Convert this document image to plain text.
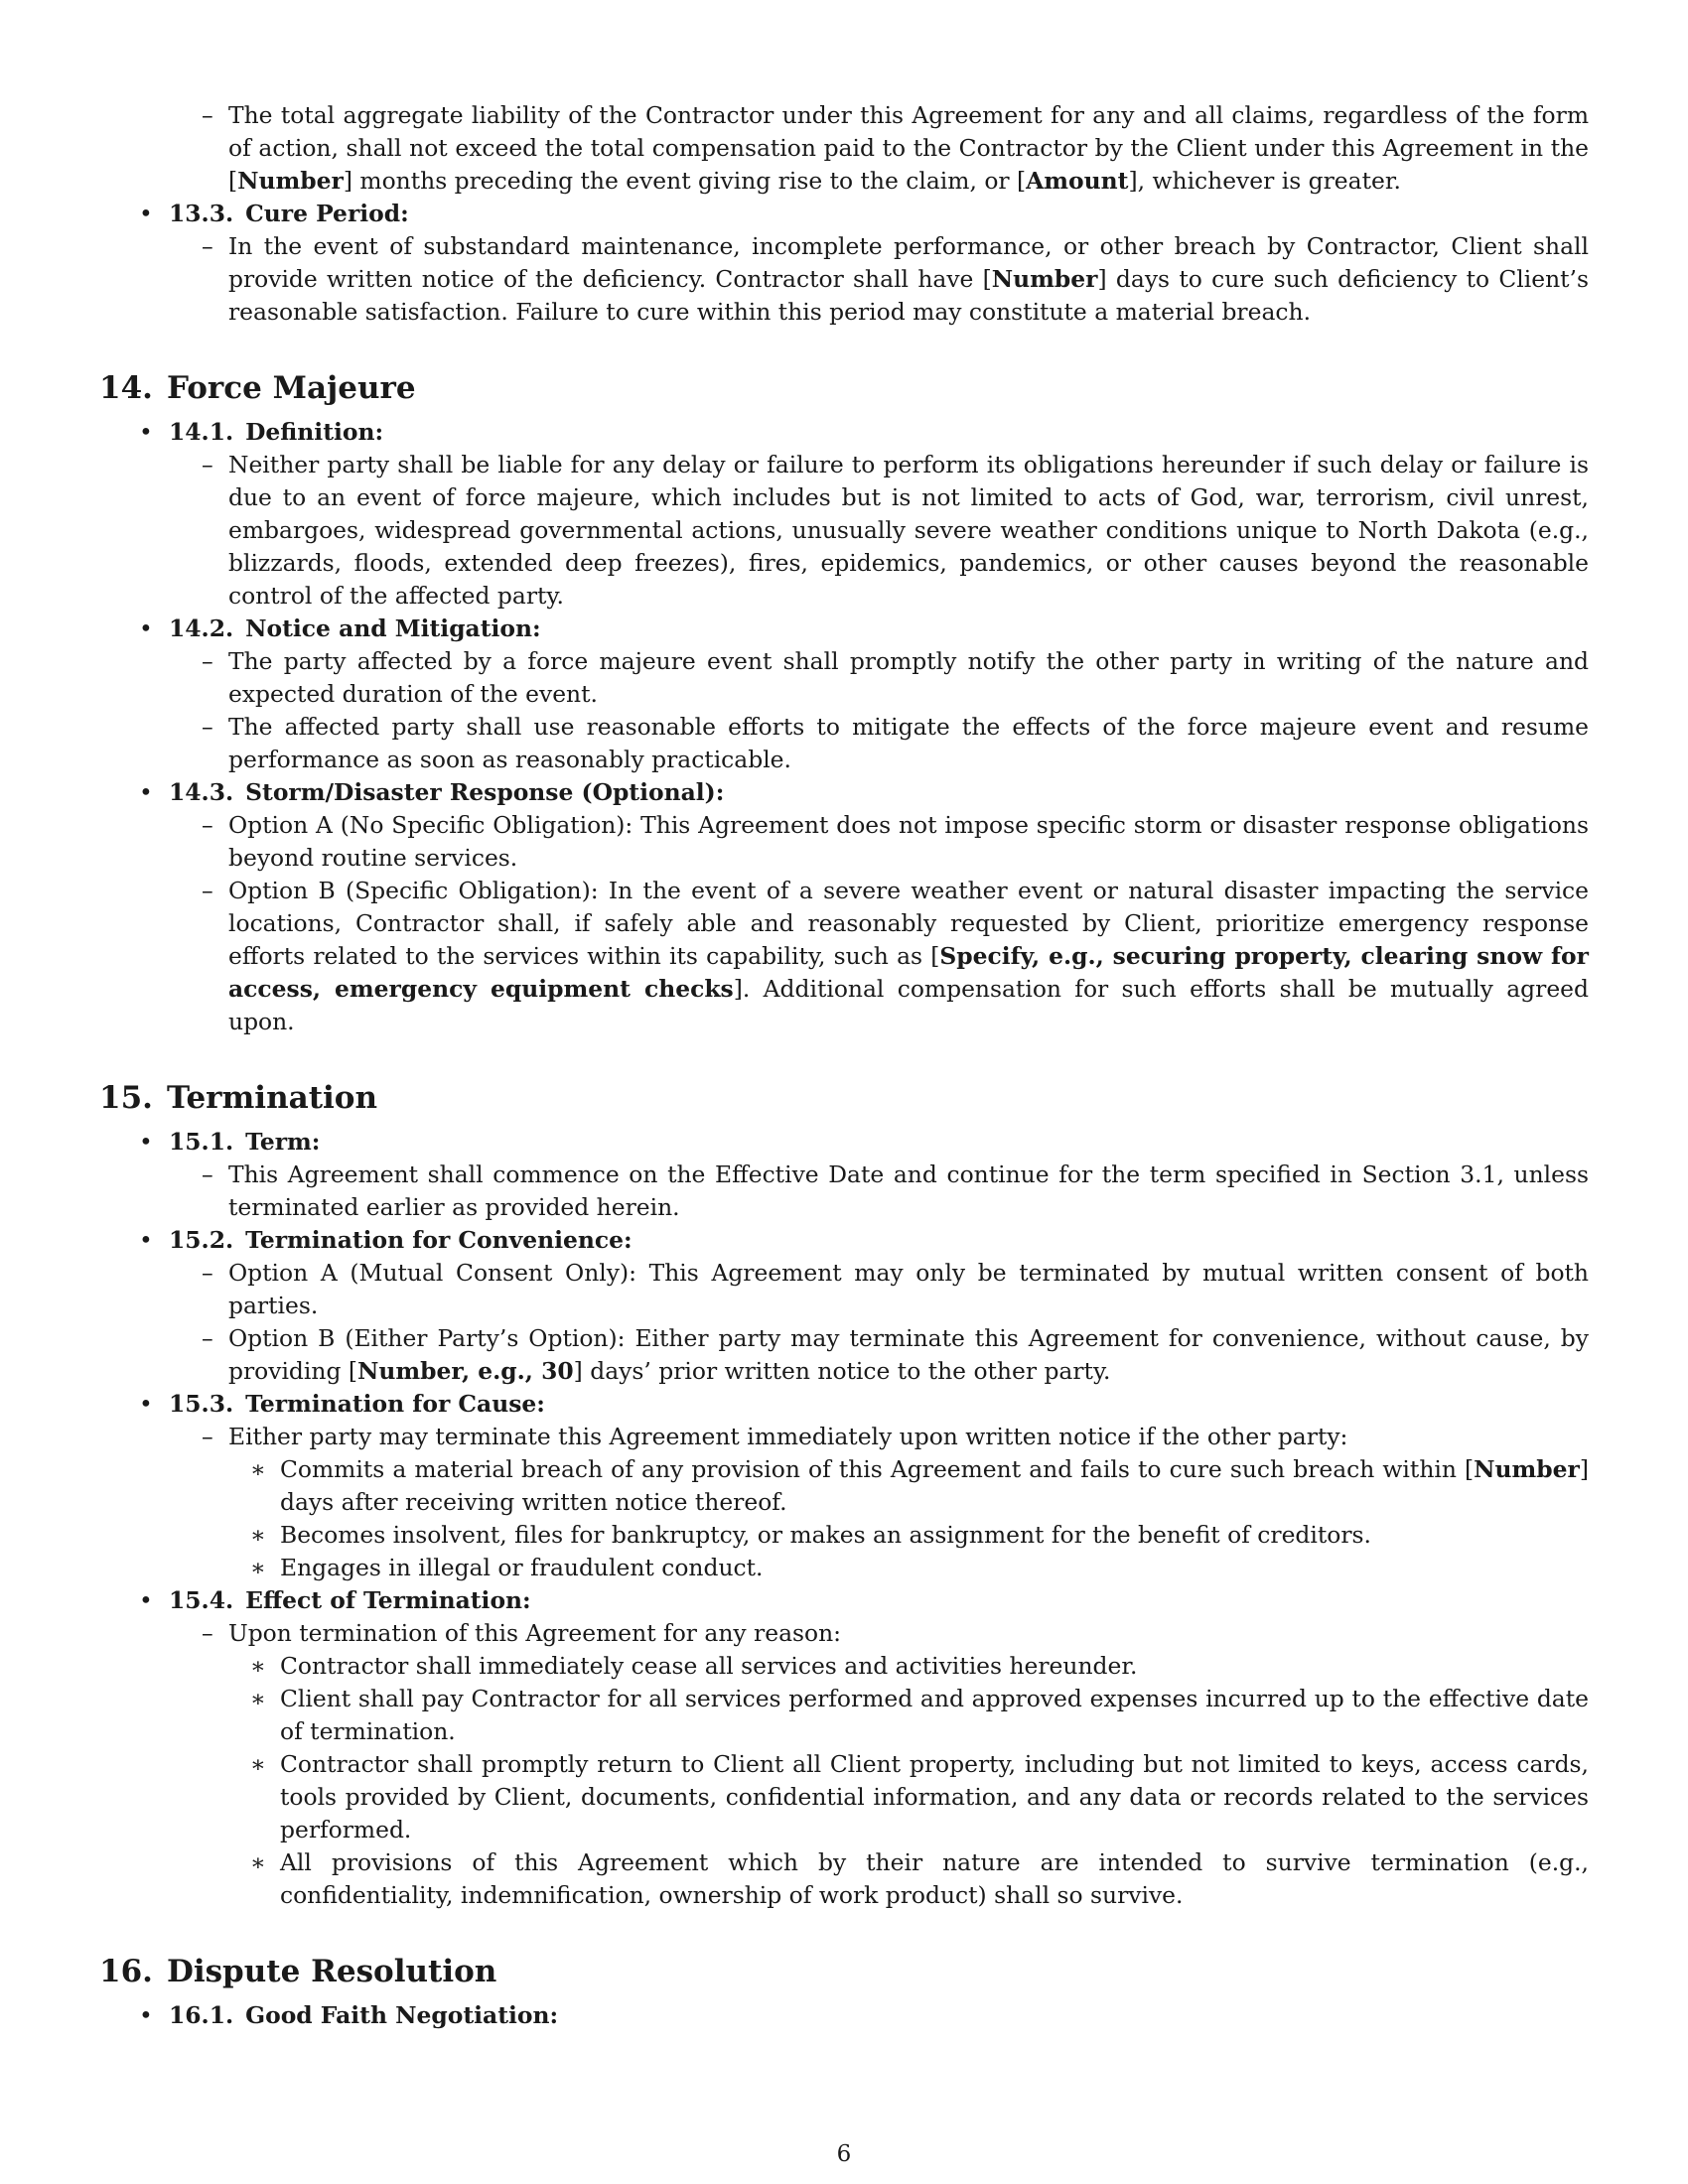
– The total aggregate liability of the Contractor under this Agreement for any and all claims, regardless of the form of action, shall not exceed the total compensation paid to the Contractor by the Client under this Agreement in the [Number] months preceding the event giving rise to the claim, or [Amount], whichever is greater.
• 13.3. Cure Period:
– In the event of substandard maintenance, incomplete performance, or other breach by Contractor, Client shall provide written notice of the deficiency. Contractor shall have [Number] days to cure such deficiency to Client’s reasonable satisfaction. Failure to cure within this period may constitute a material breach.
14. Force Majeure
• 14.1. Definition:
– Neither party shall be liable for any delay or failure to perform its obligations hereunder if such delay or failure is due to an event of force majeure, which includes but is not limited to acts of God, war, terrorism, civil unrest, embargoes, widespread governmental actions, unusually severe weather conditions unique to North Dakota (e.g., blizzards, floods, extended deep freezes), fires, epidemics, pandemics, or other causes beyond the reasonable control of the affected party.
• 14.2. Notice and Mitigation:
– The party affected by a force majeure event shall promptly notify the other party in writing of the nature and expected duration of the event.
– The affected party shall use reasonable efforts to mitigate the effects of the force majeure event and resume performance as soon as reasonably practicable.
• 14.3. Storm/Disaster Response (Optional):
– Option A (No Specific Obligation): This Agreement does not impose specific storm or disaster response obligations beyond routine services.
– Option B (Specific Obligation): In the event of a severe weather event or natural disaster impacting the service locations, Contractor shall, if safely able and reasonably requested by Client, prioritize emergency response efforts related to the services within its capability, such as [Specify, e.g., securing property, clearing snow for access, emergency equipment checks]. Additional compensation for such efforts shall be mutually agreed upon.
15. Termination
• 15.1. Term:
– This Agreement shall commence on the Effective Date and continue for the term specified in Section 3.1, unless terminated earlier as provided herein.
• 15.2. Termination for Convenience:
– Option A (Mutual Consent Only): This Agreement may only be terminated by mutual written consent of both parties.
– Option B (Either Party’s Option): Either party may terminate this Agreement for convenience, without cause, by providing [Number, e.g., 30] days’ prior written notice to the other party.
• 15.3. Termination for Cause:
– Either party may terminate this Agreement immediately upon written notice if the other party:
∗ Commits a material breach of any provision of this Agreement and fails to cure such breach within [Number] days after receiving written notice thereof.
∗ Becomes insolvent, files for bankruptcy, or makes an assignment for the benefit of creditors.
∗ Engages in illegal or fraudulent conduct.
• 15.4. Effect of Termination:
– Upon termination of this Agreement for any reason:
∗ Contractor shall immediately cease all services and activities hereunder.
∗ Client shall pay Contractor for all services performed and approved expenses incurred up to the effective date of termination.
∗ Contractor shall promptly return to Client all Client property, including but not limited to keys, access cards, tools provided by Client, documents, confidential information, and any data or records related to the services performed.
∗ All provisions of this Agreement which by their nature are intended to survive termination (e.g., confidentiality, indemnification, ownership of work product) shall so survive.
16. Dispute Resolution
• 16.1. Good Faith Negotiation:
6
